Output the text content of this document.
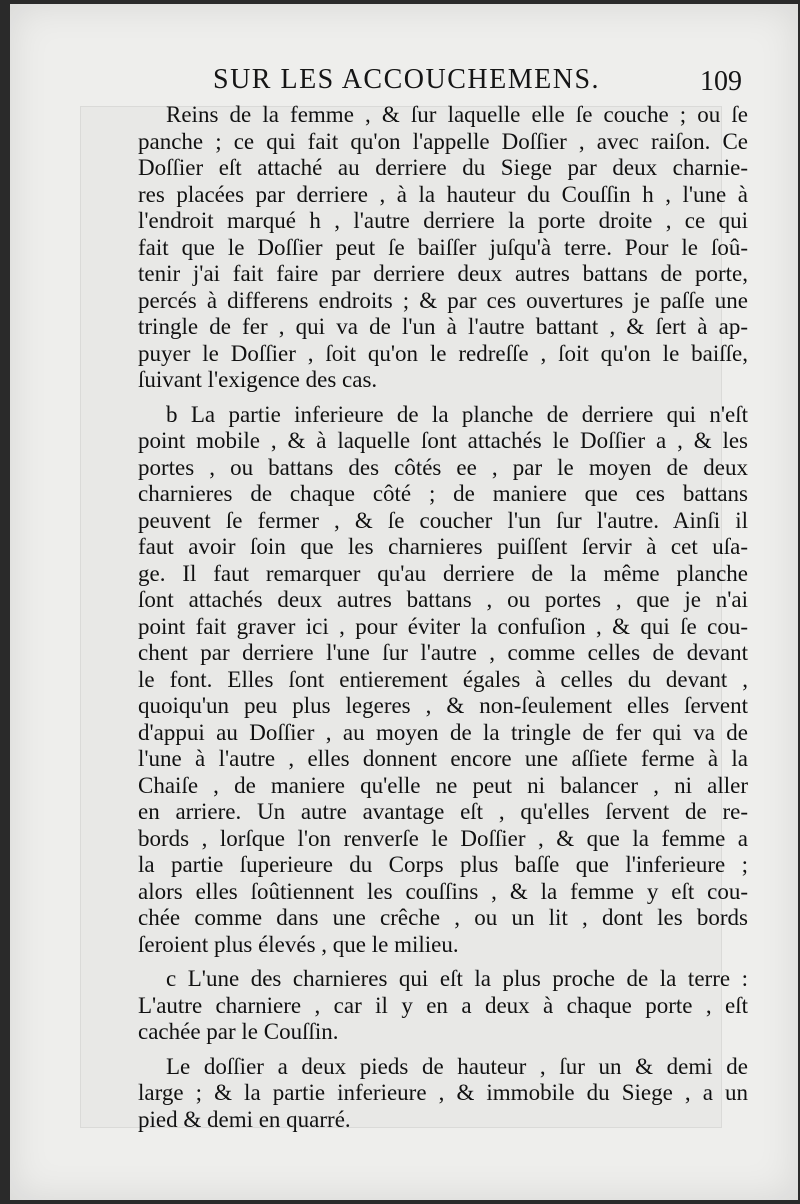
SUR LES ACCOUCHEMENS.	109
Reins de la femme , & ſur laquelle elle ſe couche ; ou ſe
panche ; ce qui fait qu'on l'appelle Doſſier , avec raiſon. Ce
Doſſier eſt attaché au derriere du Siege par deux charnie-
res placées par derriere , à la hauteur du Couſſin h , l'une à
l'endroit marqué h , l'autre derriere la porte droite , ce qui
fait que le Doſſier peut ſe baiſſer juſqu'à terre. Pour le ſoû-
tenir j'ai fait faire par derriere deux autres battans de porte,
percés à differens endroits ; & par ces ouvertures je paſſe une
tringle de fer , qui va de l'un à l'autre battant , & ſert à ap-
puyer le Doſſier , ſoit qu'on le redreſſe , ſoit qu'on le baiſſe,
ſuivant l'exigence des cas.
b La partie inferieure de la planche de derriere qui n'eſt
point mobile , & à laquelle ſont attachés le Doſſier a , & les
portes , ou battans des côtés ee , par le moyen de deux
charnieres de chaque côté ; de maniere que ces battans
peuvent ſe fermer , & ſe coucher l'un ſur l'autre. Ainſi il
faut avoir ſoin que les charnieres puiſſent ſervir à cet uſa-
ge. Il faut remarquer qu'au derriere de la même planche
ſont attachés deux autres battans , ou portes , que je n'ai
point fait graver ici , pour éviter la confuſion , & qui ſe cou-
chent par derriere l'une ſur l'autre , comme celles de devant
le font. Elles ſont entierement égales à celles du devant ,
quoiqu'un peu plus legeres , & non-ſeulement elles ſervent
d'appui au Doſſier , au moyen de la tringle de fer qui va de
l'une à l'autre , elles donnent encore une aſſiete ferme à la
Chaiſe , de maniere qu'elle ne peut ni balancer , ni aller
en arriere. Un autre avantage eſt , qu'elles ſervent de re-
bords , lorſque l'on renverſe le Doſſier , & que la femme a
la partie ſuperieure du Corps plus baſſe que l'inferieure ;
alors elles ſoûtiennent les couſſins , & la femme y eſt cou-
chée comme dans une crêche , ou un lit , dont les bords
ſeroient plus élevés , que le milieu.
c L'une des charnieres qui eſt la plus proche de la terre :
L'autre charniere , car il y en a deux à chaque porte , eſt
cachée par le Couſſin.
Le doſſier a deux pieds de hauteur , ſur un & demi de
large ; & la partie inferieure , & immobile du Siege , a un
pied & demi en quarré.
